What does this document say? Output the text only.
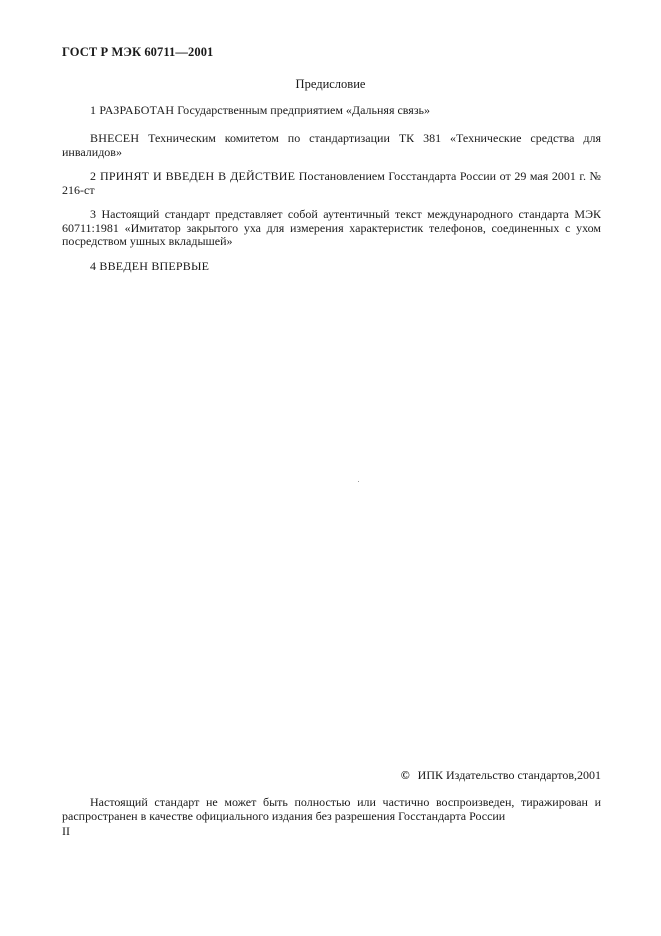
ГОСТ Р МЭК 60711—2001
Предисловие

1 РАЗРАБОТАН Государственным предприятием «Дальняя связь»

ВНЕСЕН Техническим комитетом по стандартизации ТК 381 «Технические средства для инвалидов»

2 ПРИНЯТ И ВВЕДЕН В ДЕЙСТВИЕ Постановлением Госстандарта России от 29 мая 2001 г. № 216-ст

3 Настоящий стандарт представляет собой аутентичный текст международного стандарта МЭК 60711:1981 «Имитатор закрытого уха для измерения характеристик телефонов, соединенных с ухом посредством ушных вкладышей»

4 ВВЕДЕН ВПЕРВЫЕ

© ИПК Издательство стандартов,2001

Настоящий стандарт не может быть полностью или частично воспроизведен, тиражирован и распространен в качестве официального издания без разрешения Госстандарта России

II
